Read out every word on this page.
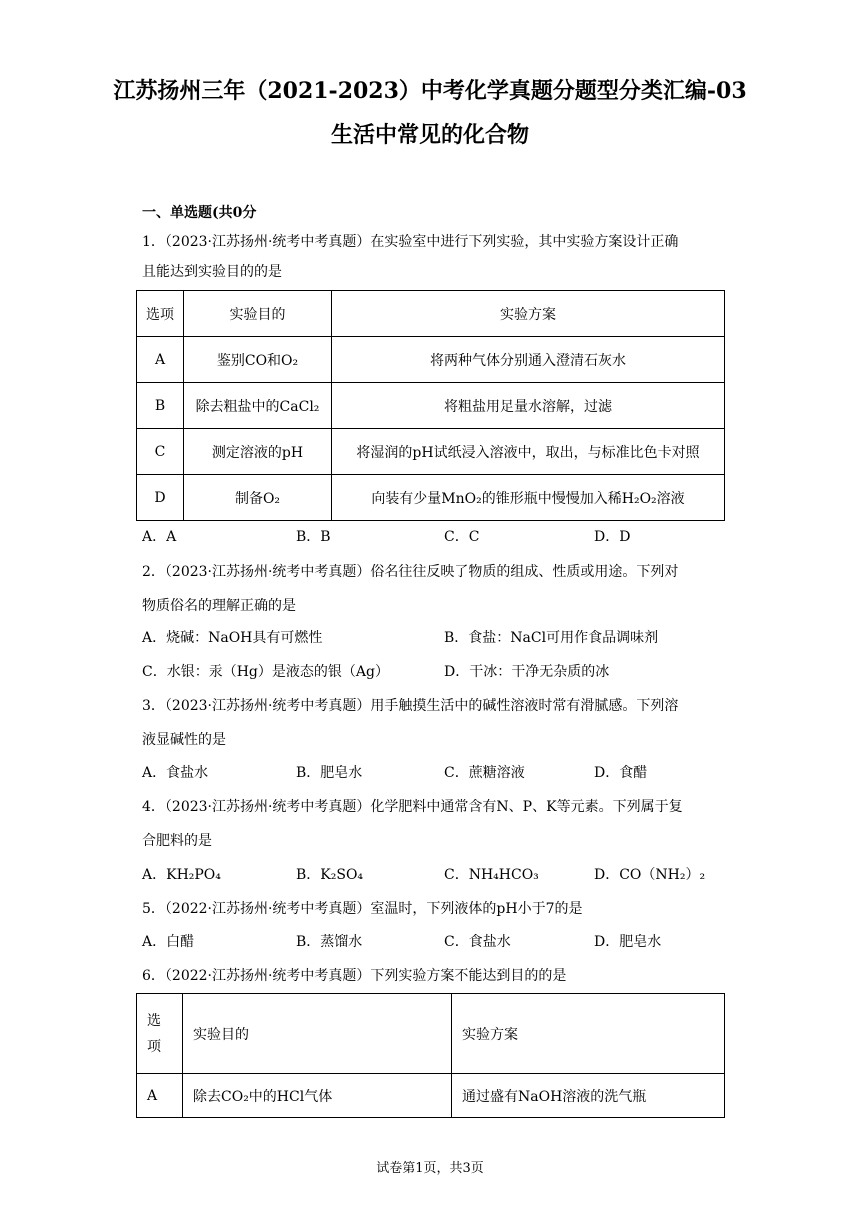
江苏扬州三年（2021-2023）中考化学真题分题型分类汇编-03
生活中常见的化合物

一、单选题(共0分

1．（2023·江苏扬州·统考中考真题）在实验室中进行下列实验，其中实验方案设计正确

且能达到实验目的的是

选项	实验目的	实验方案
A	鉴别CO和O₂	将两种气体分别通入澄清石灰水
B	除去粗盐中的CaCl₂	将粗盐用足量水溶解，过滤
C	测定溶液的pH	将湿润的pH试纸浸入溶液中，取出，与标准比色卡对照
D	制备O₂	向装有少量MnO₂的锥形瓶中慢慢加入稀H₂O₂溶液
A．A	B．B	C．C	D．D

2．（2023·江苏扬州·统考中考真题）俗名往往反映了物质的组成、性质或用途。下列对

物质俗名的理解正确的是

A．烧碱：NaOH具有可燃性	B．食盐：NaCl可用作食品调味剂
C．水银：汞（Hg）是液态的银（Ag）	D．干冰：干净无杂质的冰

3．（2023·江苏扬州·统考中考真题）用手触摸生活中的碱性溶液时常有滑腻感。下列溶

液显碱性的是

A．食盐水	B．肥皂水	C．蔗糖溶液	D．食醋

4．（2023·江苏扬州·统考中考真题）化学肥料中通常含有N、P、K等元素。下列属于复

合肥料的是

A．KH₂PO₄	B．K₂SO₄	C．NH₄HCO₃	D．CO（NH₂）₂

5．（2022·江苏扬州·统考中考真题）室温时，下列液体的pH小于7的是

A．白醋	B．蒸馏水	C．食盐水	D．肥皂水

6．（2022·江苏扬州·统考中考真题）下列实验方案不能达到目的的是

选
项	实验目的	实验方案
A	除去CO₂中的HCl气体	通过盛有NaOH溶液的洗气瓶
试卷第1页，共3页
